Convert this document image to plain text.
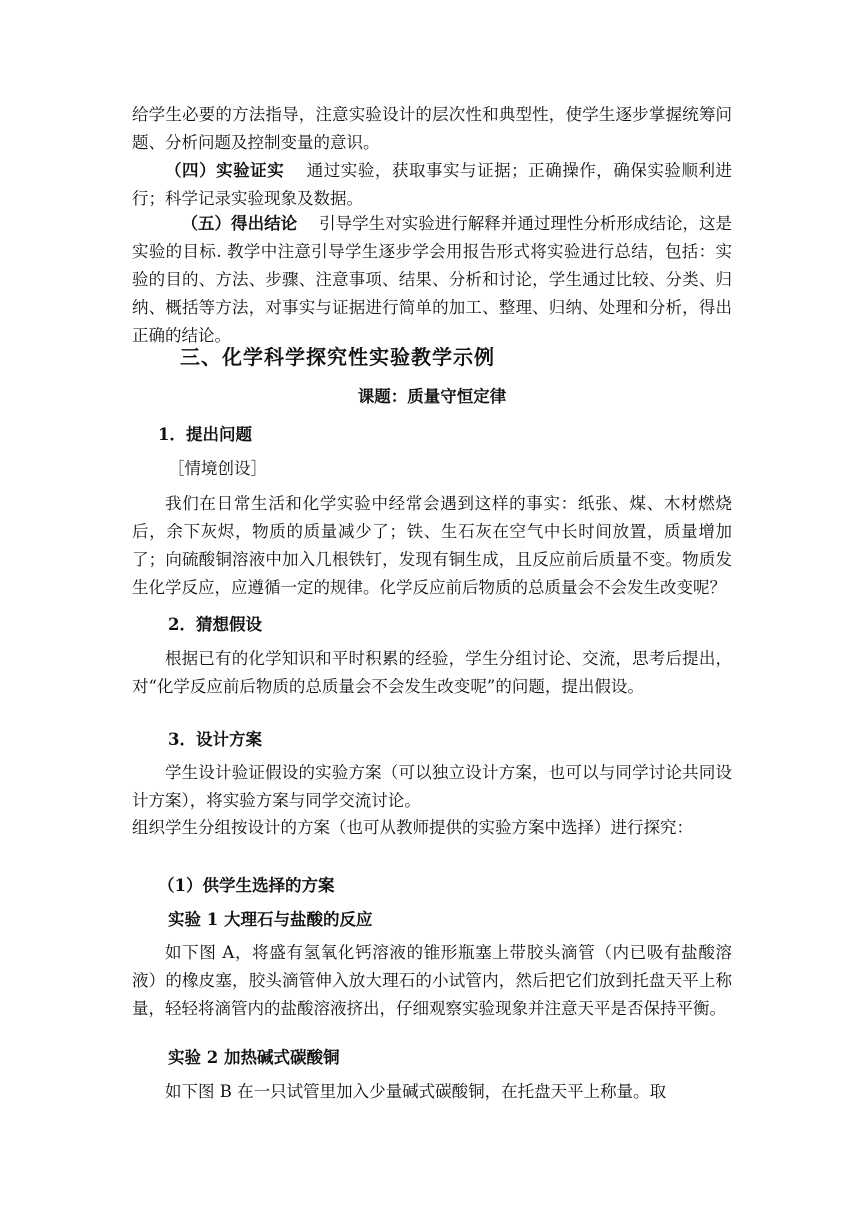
给学生必要的方法指导，注意实验设计的层次性和典型性，使学生逐步掌握统筹问题、分析问题及控制变量的意识。

（四）实验证实 通过实验，获取事实与证据；正确操作，确保实验顺利进行；科学记录实验现象及数据。

（五）得出结论 引导学生对实验进行解释并通过理性分析形成结论，这是实验的目标. 教学中注意引导学生逐步学会用报告形式将实验进行总结，包括：实验的目的、方法、步骤、注意事项、结果、分析和讨论，学生通过比较、分类、归纳、概括等方法，对事实与证据进行简单的加工、整理、归纳、处理和分析，得出正确的结论。

三、化学科学探究性实验教学示例

课题：质量守恒定律

1．提出问题

［情境创设］

我们在日常生活和化学实验中经常会遇到这样的事实：纸张、煤、木材燃烧后，余下灰烬，物质的质量减少了；铁、生石灰在空气中长时间放置，质量增加了；向硫酸铜溶液中加入几根铁钉，发现有铜生成，且反应前后质量不变。物质发生化学反应，应遵循一定的规律。化学反应前后物质的总质量会不会发生改变呢？

2．猜想假设

根据已有的化学知识和平时积累的经验，学生分组讨论、交流，思考后提出，对“化学反应前后物质的总质量会不会发生改变呢”的问题，提出假设。

3．设计方案

学生设计验证假设的实验方案（可以独立设计方案，也可以与同学讨论共同设计方案），将实验方案与同学交流讨论。

组织学生分组按设计的方案（也可从教师提供的实验方案中选择）进行探究：

（1）供学生选择的方案

实验 1 大理石与盐酸的反应

如下图 A，将盛有氢氧化钙溶液的锥形瓶塞上带胶头滴管（内已吸有盐酸溶液）的橡皮塞，胶头滴管伸入放大理石的小试管内，然后把它们放到托盘天平上称量，轻轻将滴管内的盐酸溶液挤出，仔细观察实验现象并注意天平是否保持平衡。

实验 2 加热碱式碳酸铜

如下图 B 在一只试管里加入少量碱式碳酸铜，在托盘天平上称量。取
